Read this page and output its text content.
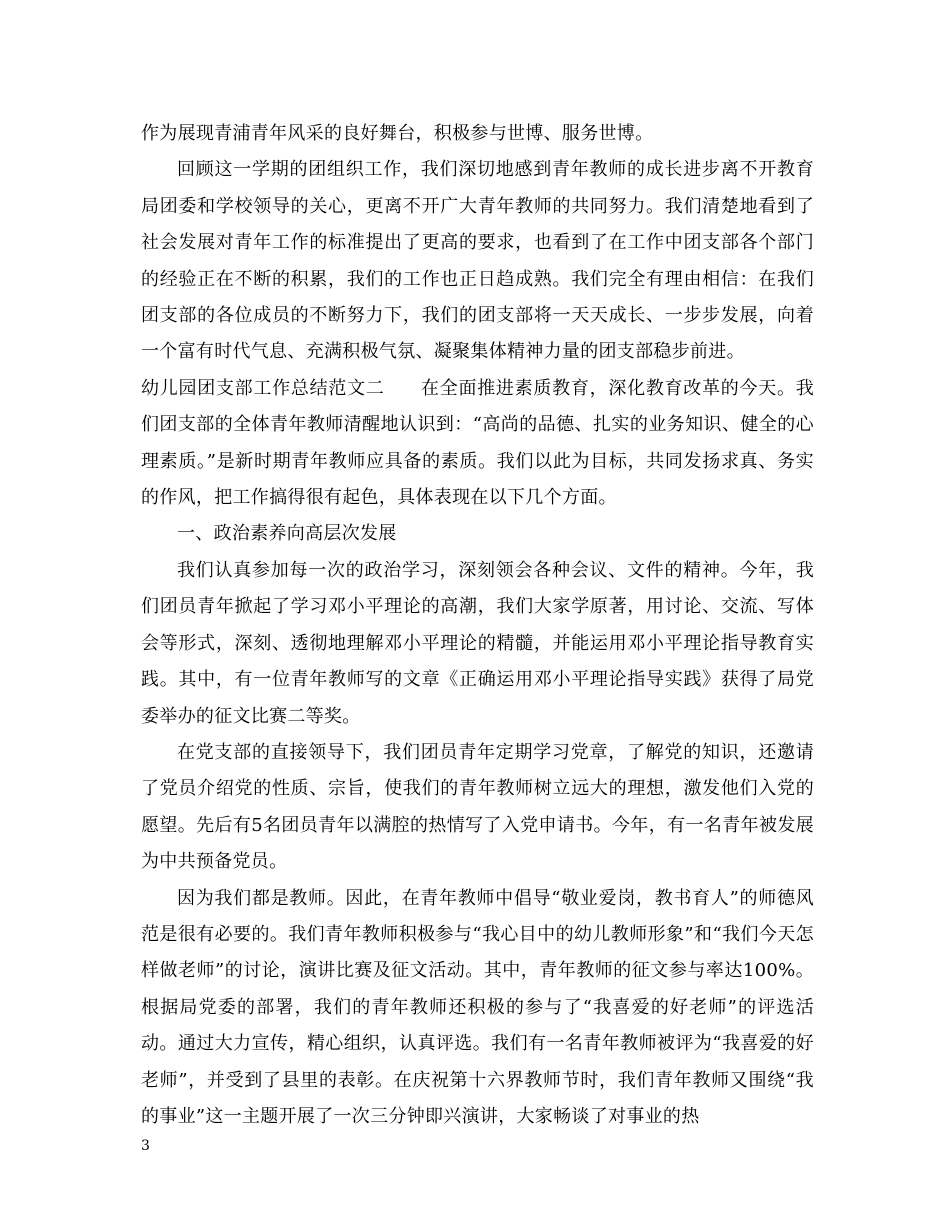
作为展现青浦青年风采的良好舞台，积极参与世博、服务世博。

回顾这一学期的团组织工作，我们深切地感到青年教师的成长进步离不开教育局团委和学校领导的关心，更离不开广大青年教师的共同努力。我们清楚地看到了社会发展对青年工作的标准提出了更高的要求，也看到了在工作中团支部各个部门的经验正在不断的积累，我们的工作也正日趋成熟。我们完全有理由相信：在我们团支部的各位成员的不断努力下，我们的团支部将一天天成长、一步步发展，向着一个富有时代气息、充满积极气氛、凝聚集体精神力量的团支部稳步前进。

幼儿园团支部工作总结范文二 在全面推进素质教育，深化教育改革的今天。我们团支部的全体青年教师清醒地认识到：“高尚的品德、扎实的业务知识、健全的心理素质。”是新时期青年教师应具备的素质。我们以此为目标，共同发扬求真、务实的作风，把工作搞得很有起色，具体表现在以下几个方面。

一、政治素养向高层次发展

我们认真参加每一次的政治学习，深刻领会各种会议、文件的精神。今年，我们团员青年掀起了学习邓小平理论的高潮，我们大家学原著，用讨论、交流、写体会等形式，深刻、透彻地理解邓小平理论的精髓，并能运用邓小平理论指导教育实践。其中，有一位青年教师写的文章《正确运用邓小平理论指导实践》获得了局党委举办的征文比赛二等奖。

在党支部的直接领导下，我们团员青年定期学习党章，了解党的知识，还邀请了党员介绍党的性质、宗旨，使我们的青年教师树立远大的理想，激发他们入党的愿望。先后有5名团员青年以满腔的热情写了入党申请书。今年，有一名青年被发展为中共预备党员。

因为我们都是教师。因此，在青年教师中倡导“敬业爱岗，教书育人”的师德风范是很有必要的。我们青年教师积极参与“我心目中的幼儿教师形象”和“我们今天怎样做老师”的讨论，演讲比赛及征文活动。其中，青年教师的征文参与率达100%。根据局党委的部署，我们的青年教师还积极的参与了“我喜爱的好老师”的评选活动。通过大力宣传，精心组织，认真评选。我们有一名青年教师被评为“我喜爱的好老师”，并受到了县里的表彰。在庆祝第十六界教师节时，我们青年教师又围绕“我的事业”这一主题开展了一次三分钟即兴演讲，大家畅谈了对事业的热

3
